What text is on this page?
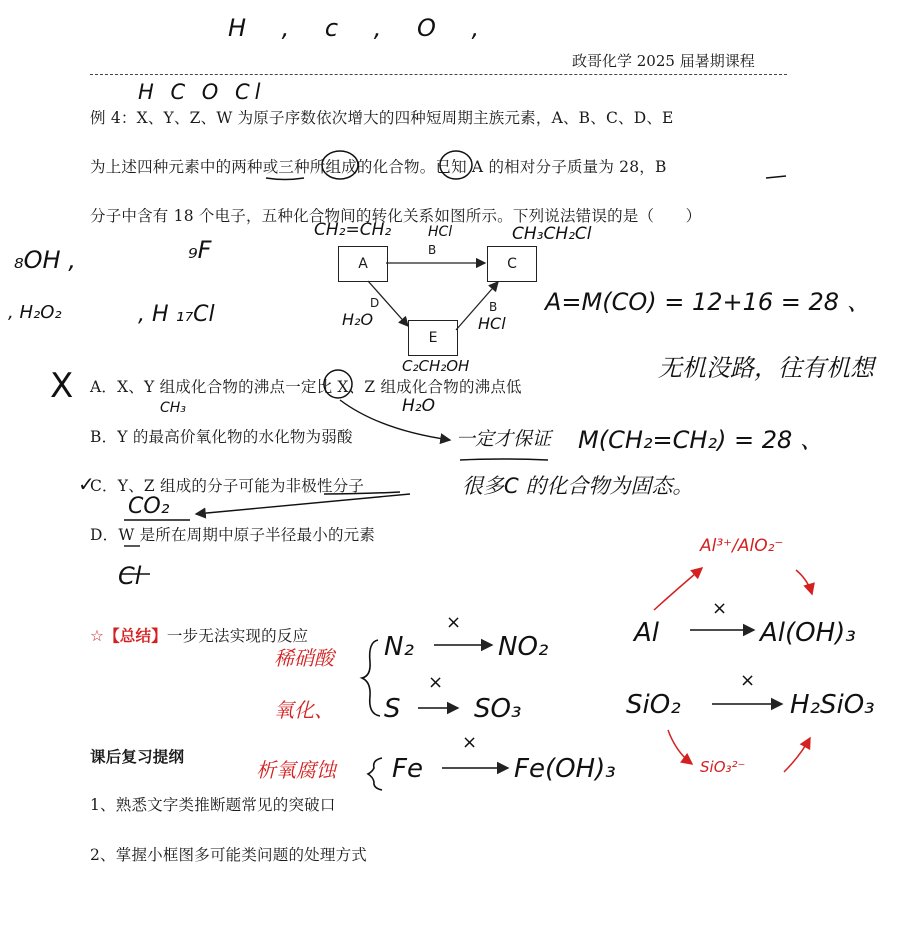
政哥化学 2025 届暑期课程
例 4：X、Y、Z、W 为原子序数依次增大的四种短周期主族元素，A、B、C、D、E
为上述四种元素中的两种或三种所组成的化合物。已知 A 的相对分子质量为 28，B
分子中含有 18 个电子，五种化合物间的转化关系如图所示。下列说法错误的是（　　）
A	C
E
B
D	B
A．X、Y 组成化合物的沸点一定比 X、Z 组成化合物的沸点低
B．Y 的最高价氧化物的水化物为弱酸
C．Y、Z 组成的分子可能为非极性分子
D．W 是所在周期中原子半径最小的元素
☆【总结】一步无法实现的反应
课后复习提纲
1、熟悉文字类推断题常见的突破口
2、掌握小框图多可能类问题的处理方式
H , c , O ,
H C O Cl
CH₂=CH₂	HCl	CH₃CH₂Cl
H₂O	HCl
C₂CH₂OH
₈OH ,	₉F
, H₂O₂	, H ₁₇Cl	A=M(CO) = 12+16 = 28 、
无机没路，往有机想
CH₃	H₂O
一定才保证 M(CH₂=CH₂) = 28 、
很多C 的化合物为固态。
CO₂
Cl
X
✓
N₂	NO₂
S	SO₃
Fe	Fe(OH)₃
Al	Al(OH)₃
SiO₂	H₂SiO₃
×
×
×
×
×
Al³⁺/AlO₂⁻
SiO₃²⁻
稀硝酸
氧化、
析氧腐蚀
